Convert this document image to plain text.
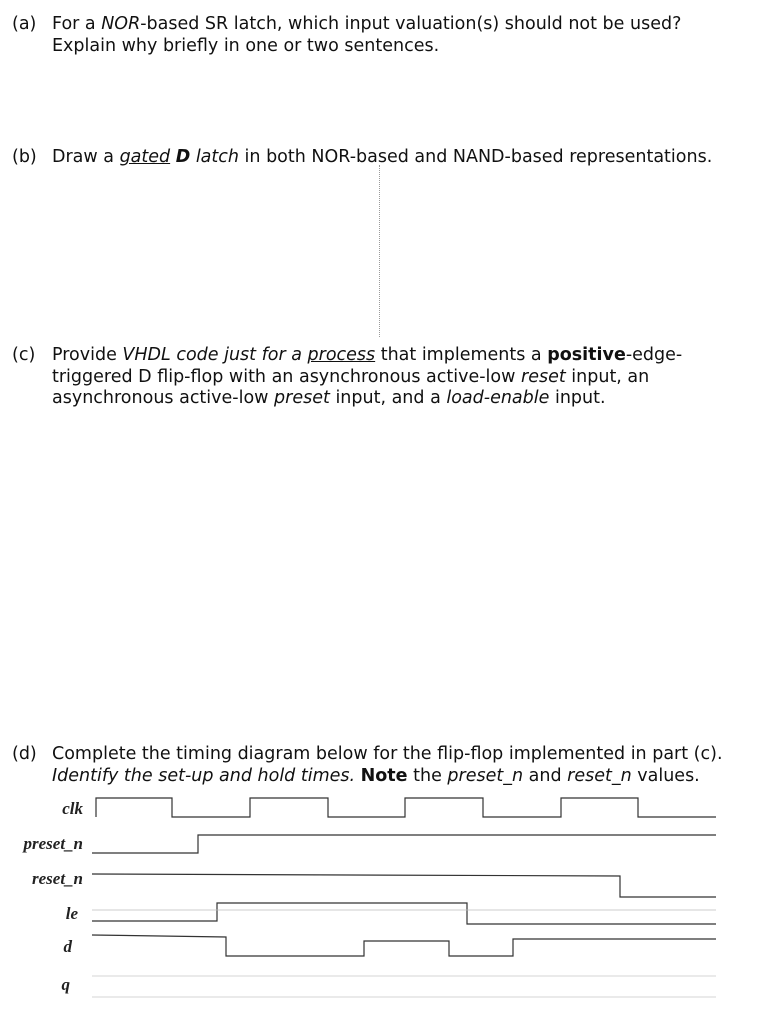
(a) For a NOR-based SR latch, which input valuation(s) should not be used?
Explain why briefly in one or two sentences.
(b) Draw a gated D latch in both NOR-based and NAND-based representations.
(c) Provide VHDL code just for a process that implements a positive-edge-
triggered D flip-flop with an asynchronous active-low reset input, an
asynchronous active-low preset input, and a load-enable input.
(d) Complete the timing diagram below for the flip-flop implemented in part (c).
Identify the set-up and hold times. Note the preset_n and reset_n values.
clk
preset_n
reset_n
le
d
q
